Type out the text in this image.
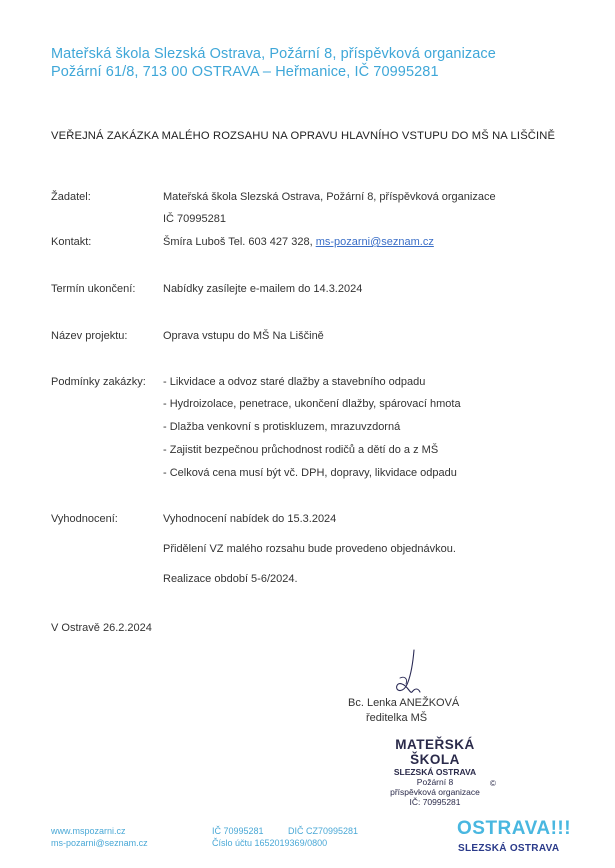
Mateřská škola Slezská Ostrava, Požární 8, příspěvková organizace
Požární 61/8, 713 00 OSTRAVA – Heřmanice, IČ 70995281
VEŘEJNÁ ZAKÁZKA MALÉHO ROZSAHU NA OPRAVU HLAVNÍHO VSTUPU DO MŠ NA LIŠČINĚ
Žadatel:	Mateřská škola Slezská Ostrava, Požární 8, příspěvková organizace
IČ 70995281
Kontakt:	Šmíra Luboš Tel. 603 427 328, ms-pozarni@seznam.cz
Termín ukončení:	Nabídky zasílejte e-mailem do 14.3.2024
Název projektu:	Oprava vstupu do MŠ Na Liščině
Podmínky zakázky: - Likvidace a odvoz staré dlažby a stavebního odpadu
- Hydroizolace, penetrace, ukončení dlažby, spárovací hmota
- Dlažba venkovní s protiskluzem, mrazuvzdorná
- Zajistit bezpečnou průchodnost rodičů a dětí do a z MŠ
- Celková cena musí být vč. DPH, dopravy, likvidace odpadu
Vyhodnocení:	Vyhodnocení nabídek do 15.3.2024
Přidělení VZ malého rozsahu bude provedeno objednávkou.
Realizace období 5-6/2024.
V Ostravě 26.2.2024
Bc. Lenka ANEŽKOVÁ
ředitelka MŠ
MATEŘSKÁ ŠKOLA
SLEZSKÁ OSTRAVA
Požární 8
příspěvková organizace
IČ: 70995281
©
www.mspozarni.cz
ms-pozarni@seznam.cz
IČ 70995281	DIČ CZ70995281
Číslo účtu 1652019369/0800
OSTRAVA!!!
SLEZSKÁ OSTRAVA
